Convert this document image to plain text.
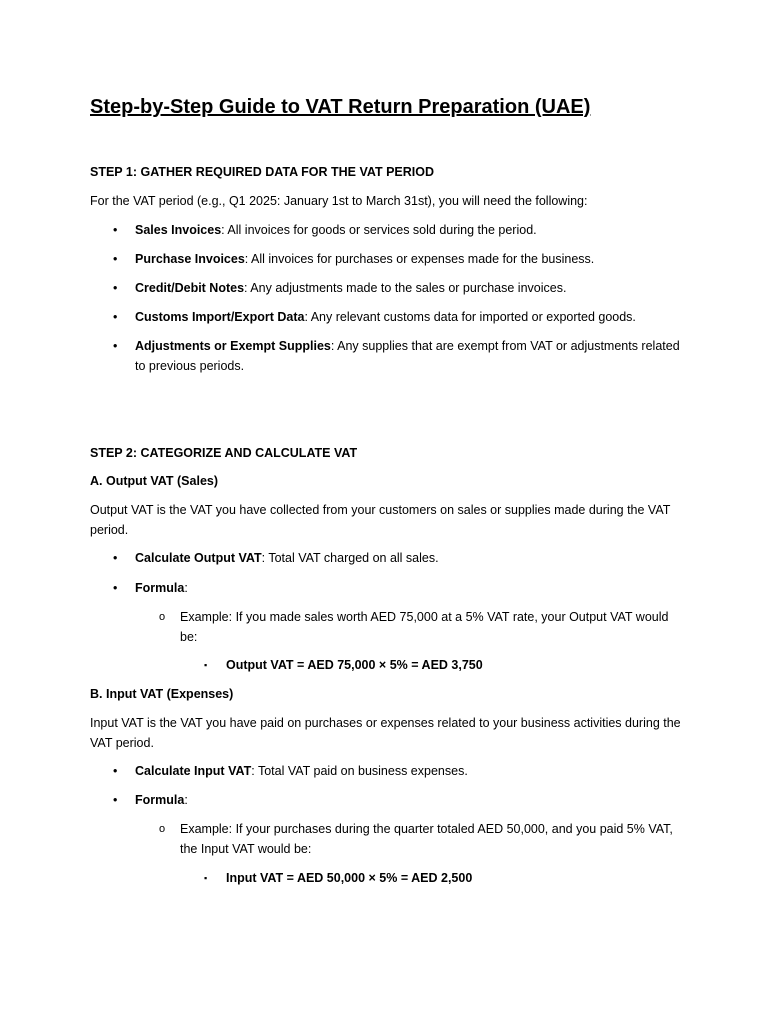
Step-by-Step Guide to VAT Return Preparation (UAE)
STEP 1: GATHER REQUIRED DATA FOR THE VAT PERIOD
For the VAT period (e.g., Q1 2025: January 1st to March 31st), you will need the following:
• Sales Invoices: All invoices for goods or services sold during the period.
• Purchase Invoices: All invoices for purchases or expenses made for the business.
• Credit/Debit Notes: Any adjustments made to the sales or purchase invoices.
• Customs Import/Export Data: Any relevant customs data for imported or exported goods.
• Adjustments or Exempt Supplies: Any supplies that are exempt from VAT or adjustments related to previous periods.
STEP 2: CATEGORIZE AND CALCULATE VAT
A. Output VAT (Sales)
Output VAT is the VAT you have collected from your customers on sales or supplies made during the VAT period.
• Calculate Output VAT: Total VAT charged on all sales.
• Formula:
o Example: If you made sales worth AED 75,000 at a 5% VAT rate, your Output VAT would be:
▪ Output VAT = AED 75,000 × 5% = AED 3,750
B. Input VAT (Expenses)
Input VAT is the VAT you have paid on purchases or expenses related to your business activities during the VAT period.
• Calculate Input VAT: Total VAT paid on business expenses.
• Formula:
o Example: If your purchases during the quarter totaled AED 50,000, and you paid 5% VAT, the Input VAT would be:
▪ Input VAT = AED 50,000 × 5% = AED 2,500
